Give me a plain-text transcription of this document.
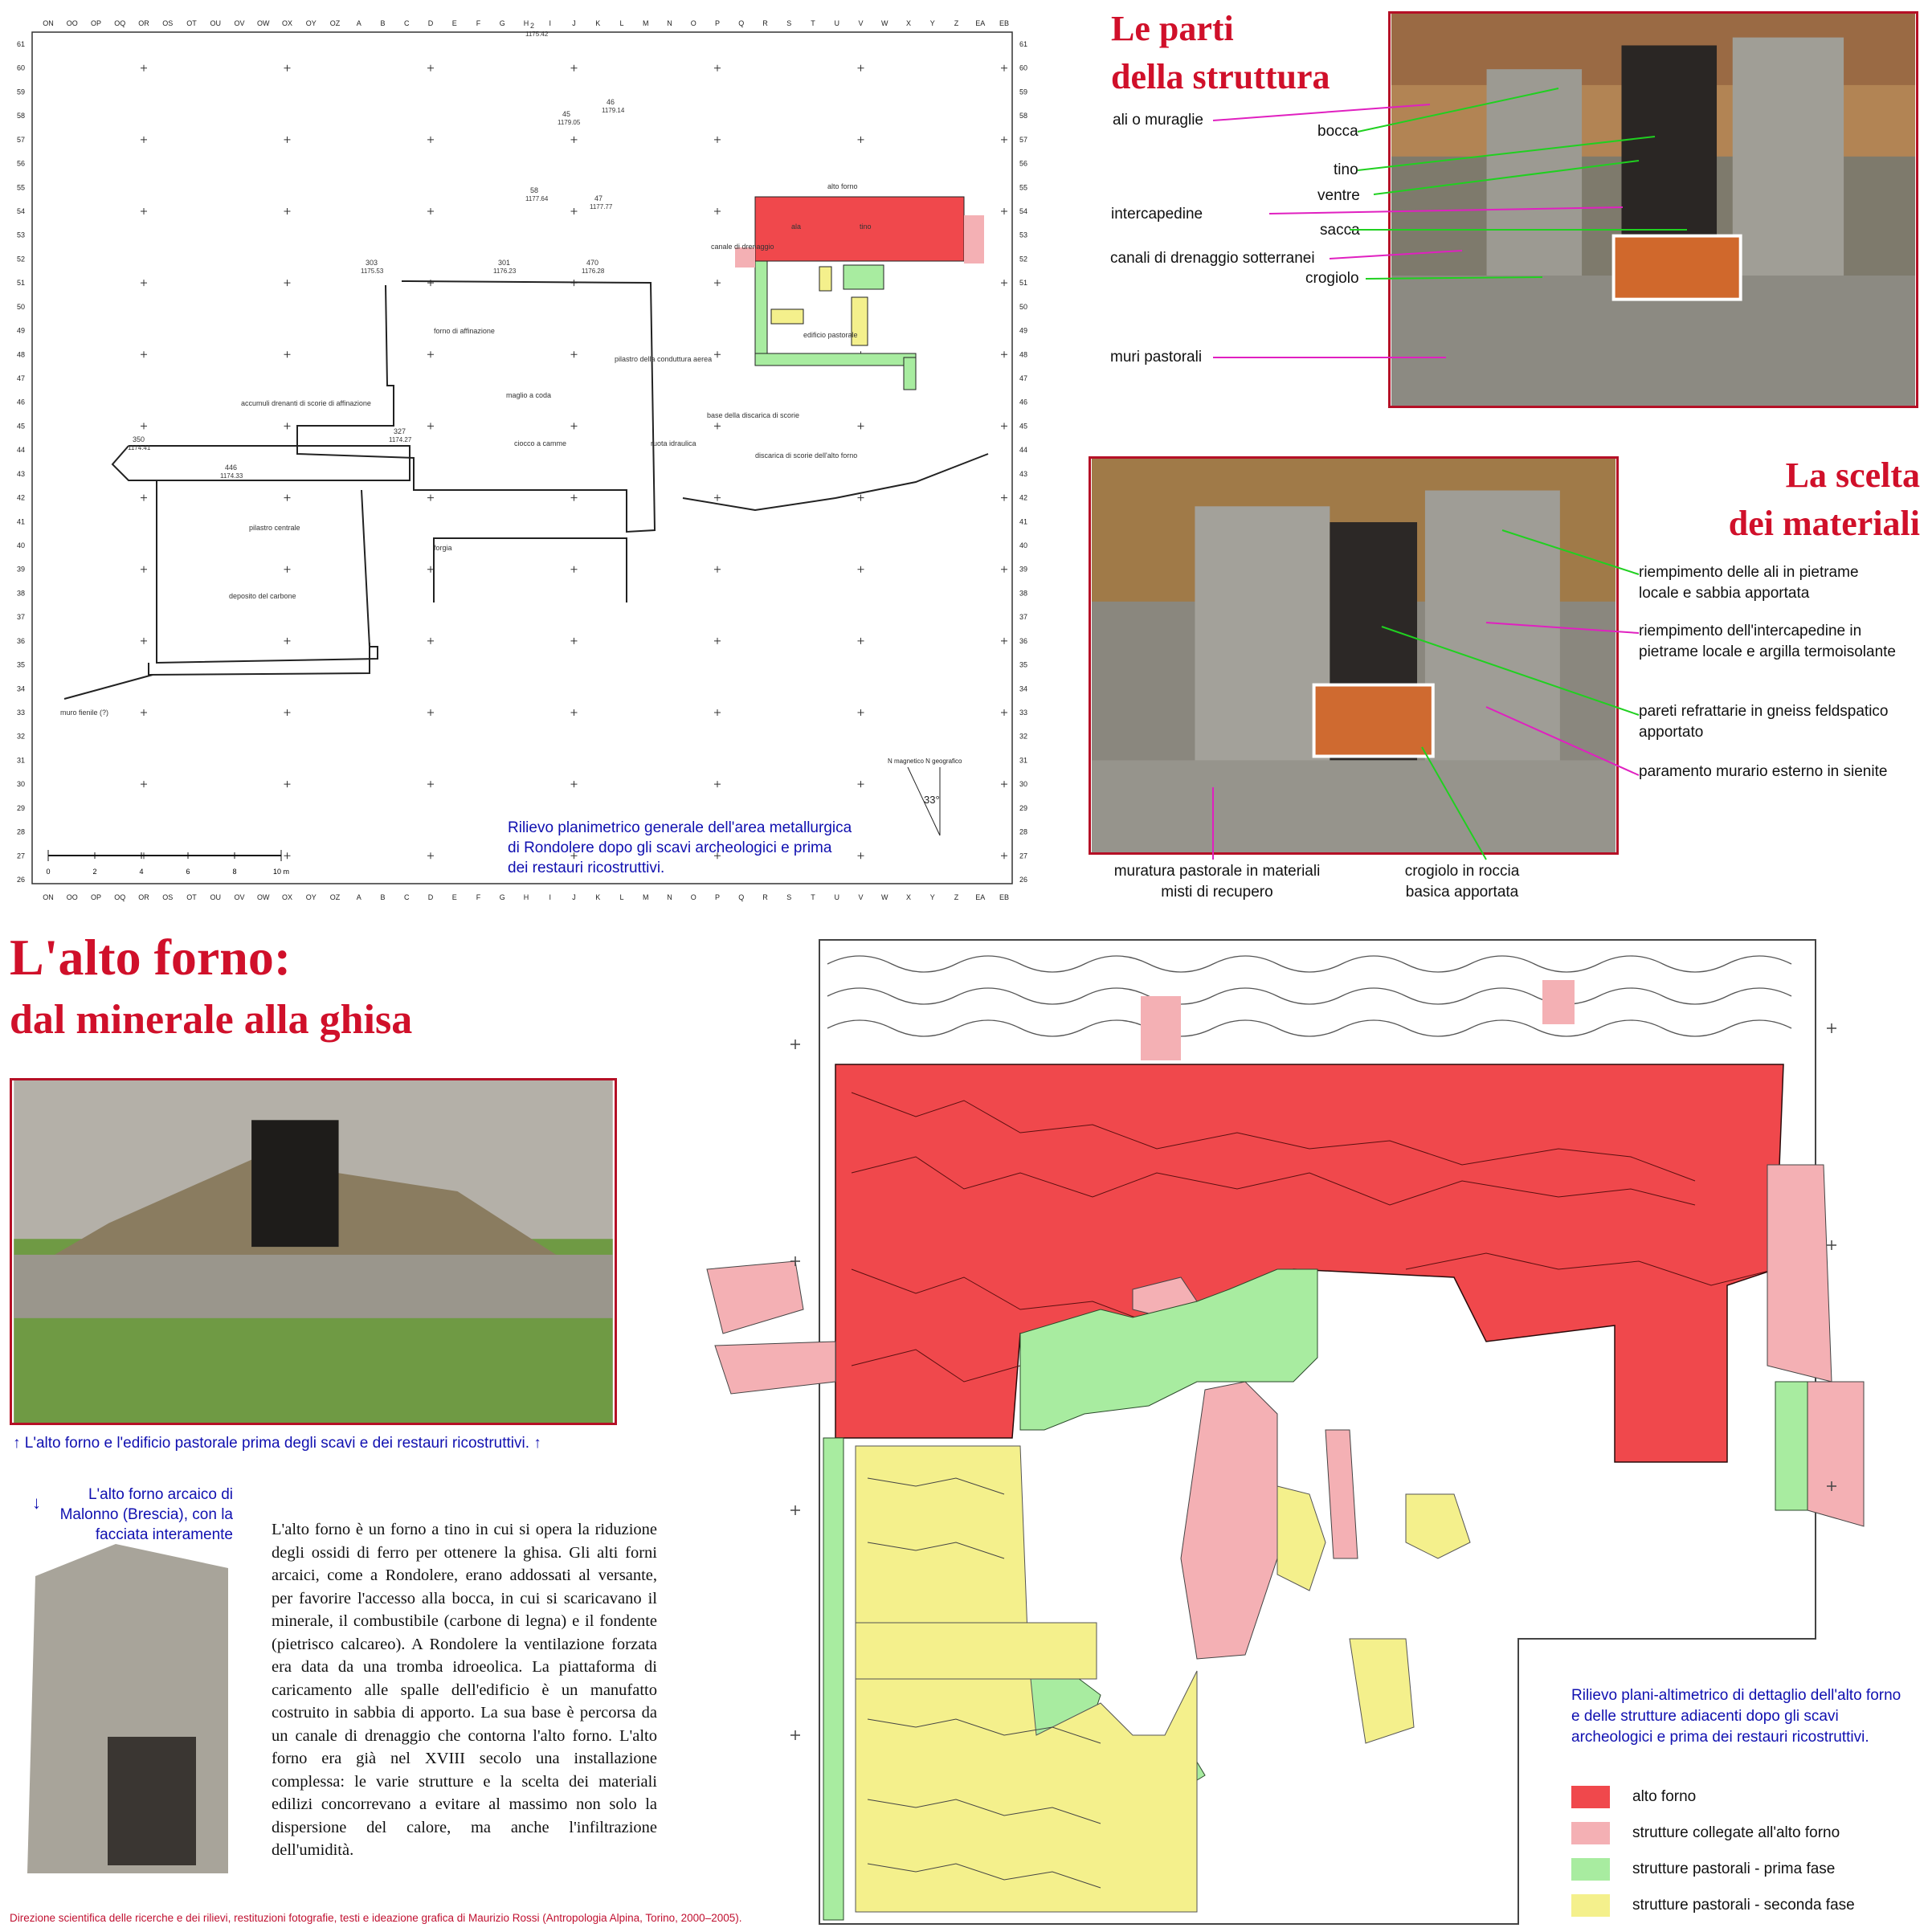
ON OO OP OQ OR OS OT OU OV OW OX OY OZ A	B	C	D	E	F	G	H	I	J	K	L	M	N	O	P	Q	R	S	T	U	V W X	Y	Z EA EB
ON OO OP OQ OR OS OT OU OV OW OX OY OZ A	B	C	D	E	F	G	H	I	J	K	L	M	N	O	P	Q	R	S	T	U	V W X	Y	Z EA EB
61
60
59
58
57
56
55
54
53
52
51
50
49
48
47
46
45
44
43
42
41
40
39
38
37
36
35
34
33
32
31
30
29
28
27
26
61
60
59
58
57
56
55
54
53
52
51
50
49
48
47
46
45
44
43
42
41
40
39
38
37
36
35
34
33
32
31
30
29
28
27
26
0	2	4	6	8	10 m
N magnetico N geografico
33°
2
1175.42
46
1179.14
45
1179.05
58
1177.64	47
1177.77
303
1175.53
301
1176.23
470
1176.28
forno di affinazione
accumuli drenanti di scorie di affinazione
maglio a coda
pilastro della conduttura aerea
350
1174.41
327
1174.27
446
1174.33
pilastro centrale
deposito del carbone
forgia
ciocco a camme	ruota idraulica
base della discarica di scorie
discarica di scorie dell'alto forno
alto forno
ala	tino
canale di drenaggio
edificio pastorale
muro fienile (?)
Rilievo planimetrico generale dell'area metallurgica di Rondolere dopo gli scavi archeologici e prima dei restauri ricostruttivi.
Le parti
della struttura
ali o muraglie
intercapedine
canali di drenaggio sotterranei
muri pastorali
bocca
tino
ventre
sacca
crogiolo
La scelta
dei materiali
riempimento delle ali in pietrame locale e sabbia apportata
riempimento dell'intercapedine in pietrame locale e argilla termoisolante
pareti refrattarie in gneiss feldspatico apportato
paramento murario esterno in sienite
muratura pastorale in materiali misti di recupero
crogiolo in roccia basica apportata
L'alto forno:
dal minerale alla ghisa
↑ L'alto forno e l'edificio pastorale prima degli scavi e dei restauri ricostruttivi. ↑
L'alto forno arcaico di Malonno (Brescia), con la facciata interamente
↓
L'alto forno è un forno a tino in cui si opera la riduzione degli ossidi di ferro per ottenere la ghisa. Gli alti forni arcaici, come a Rondolere, erano addossati al versante, per favorire l'accesso alla bocca, in cui si scaricavano il minerale, il combustibile (carbone di legna) e il fondente (pietrisco calcareo). A Rondolere la ventilazione forzata era data da una tromba idroeolica. La piattaforma di caricamento alle spalle dell'edificio è un manufatto costruito in sabbia di apporto. La sua base è percorsa da un canale di drenaggio che contorna l'alto forno. L'alto forno era già nel XVIII secolo una installazione complessa: le varie strutture e la scelta dei materiali edilizi concorrevano a evitare al massimo non solo la dispersione del calore, ma anche l'infiltrazione dell'umidità.
Direzione scientifica delle ricerche e dei rilievi, restituzioni fotografie, testi e ideazione grafica di Maurizio Rossi (Antropologia Alpina, Torino, 2000–2005).
Rilievo plani-altimetrico di dettaglio dell'alto forno e delle strutture adiacenti dopo gli scavi archeologici e prima dei restauri ricostruttivi.
alto forno
strutture collegate all'alto forno
strutture pastorali - prima fase
strutture pastorali - seconda fase
